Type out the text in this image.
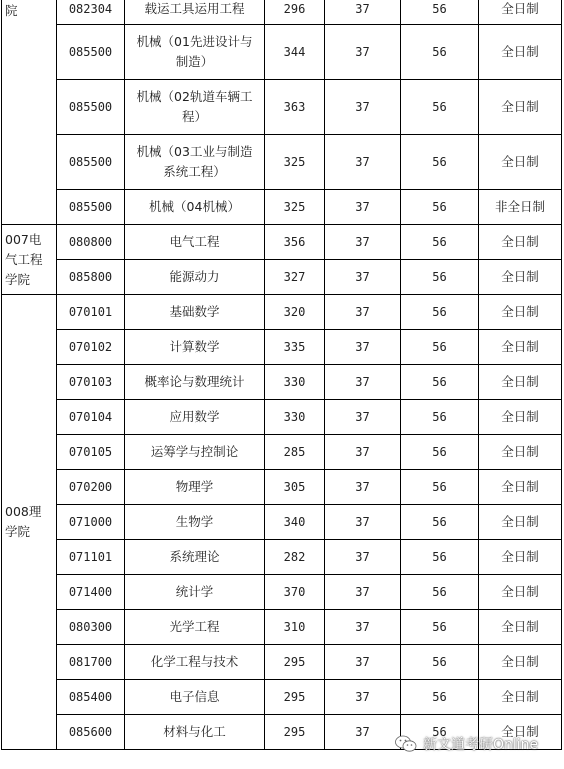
院	082304	载运工具运用工程	296	37	56	全日制
	085500	机械（01先进设计与制造）	344	37	56	全日制
	085500	机械（02轨道车辆工程）	363	37	56	全日制
	085500	机械（03工业与制造系统工程）	325	37	56	全日制
	085500	机械（04机械）	325	37	56	非全日制
007电气工程学院	080800	电气工程	356	37	56	全日制
	085800	能源动力	327	37	56	全日制
008理学院	070101	基础数学	320	37	56	全日制
	070102	计算数学	335	37	56	全日制
	070103	概率论与数理统计	330	37	56	全日制
	070104	应用数学	330	37	56	全日制
	070105	运筹学与控制论	285	37	56	全日制
	070200	物理学	305	37	56	全日制
	071000	生物学	340	37	56	全日制
	071101	系统理论	282	37	56	全日制
	071400	统计学	370	37	56	全日制
	080300	光学工程	310	37	56	全日制
	081700	化学工程与技术	295	37	56	全日制
	085400	电子信息	295	37	56	全日制
	085600	材料与化工	295	37	56	全日制
新文道考研Online
